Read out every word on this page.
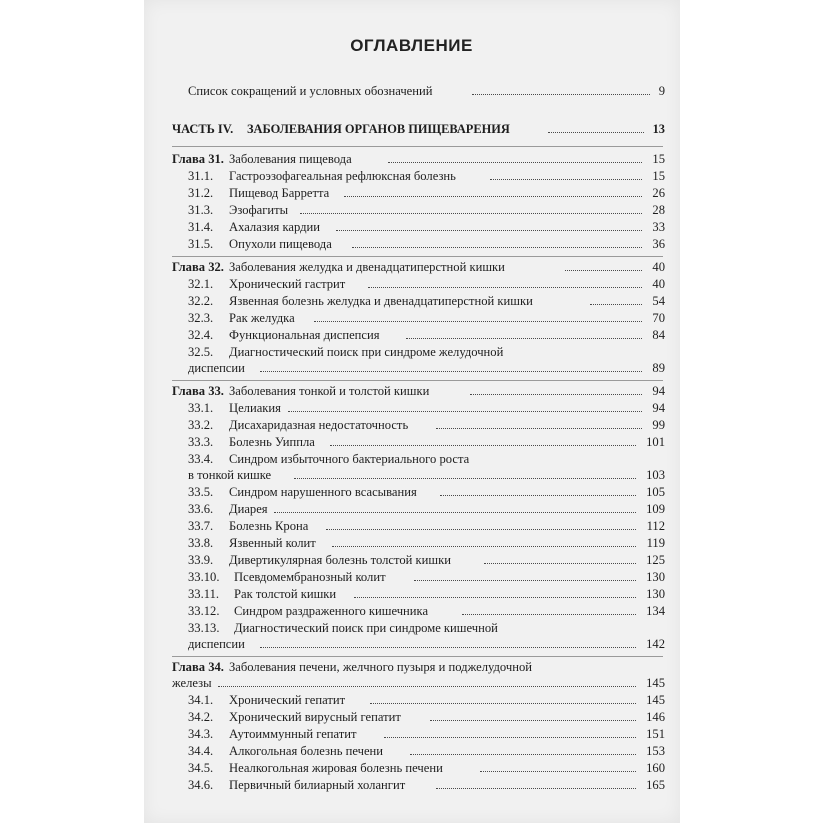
ОГЛАВЛЕНИЕ
Список сокращений и условных обозначений	9
ЧАСТЬ IV. ЗАБОЛЕВАНИЯ ОРГАНОВ ПИЩЕВАРЕНИЯ	13
Глава 31. Заболевания пищевода	15
31.1. Гастроэзофагеальная рефлюксная болезнь	15
31.2. Пищевод Барретта	26
31.3. Эзофагиты	28
31.4. Ахалазия кардии	33
31.5. Опухоли пищевода	36
Глава 32. Заболевания желудка и двенадцатиперстной кишки	40
32.1. Хронический гастрит	40
32.2. Язвенная болезнь желудка и двенадцатиперстной кишки	54
32.3. Рак желудка	70
32.4. Функциональная диспепсия	84
32.5. Диагностический поиск при синдроме желудочной
диспепсии	89
Глава 33. Заболевания тонкой и толстой кишки	94
33.1. Целиакия	94
33.2. Дисахаридазная недостаточность	99
33.3. Болезнь Уиппла	101
33.4. Синдром избыточного бактериального роста
в тонкой кишке	103
33.5. Синдром нарушенного всасывания	105
33.6. Диарея	109
33.7. Болезнь Крона	112
33.8. Язвенный колит	119
33.9. Дивертикулярная болезнь толстой кишки	125
33.10. Псевдомембранозный колит	130
33.11. Рак толстой кишки	130
33.12. Синдром раздраженного кишечника	134
33.13. Диагностический поиск при синдроме кишечной
диспепсии	142
Глава 34. Заболевания печени, желчного пузыря и поджелудочной
железы	145
34.1. Хронический гепатит	145
34.2. Хронический вирусный гепатит	146
34.3. Аутоиммунный гепатит	151
34.4. Алкогольная болезнь печени	153
34.5. Неалкогольная жировая болезнь печени	160
34.6. Первичный билиарный холангит	165
